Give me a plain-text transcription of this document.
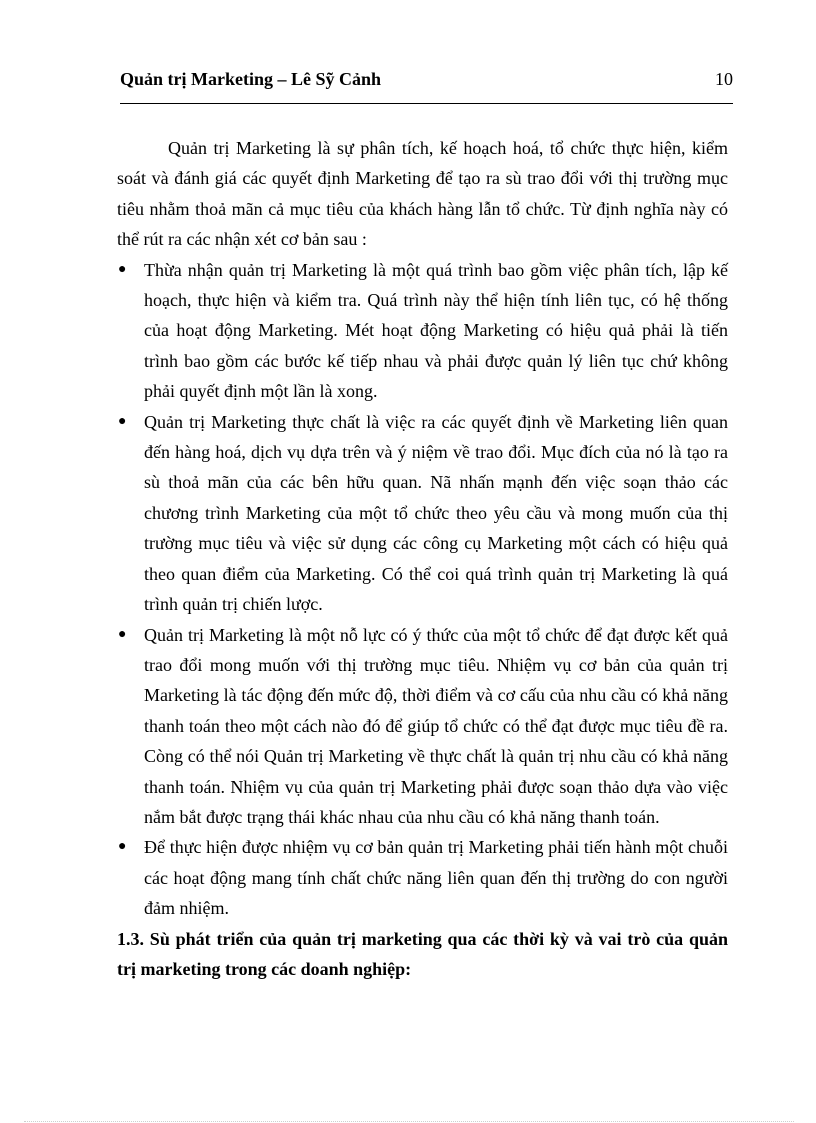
Quản trị Marketing – Lê Sỹ Cảnh	10

Quản trị Marketing là sự phân tích, kế hoạch hoá, tổ chức thực hiện, kiểm soát và đánh giá các quyết định Marketing để tạo ra sù trao đổi với thị trường mục tiêu nhằm thoả mãn cả mục tiêu của khách hàng lẫn tổ chức. Từ định nghĩa này có thể rút ra các nhận xét cơ bản sau :

● Thừa nhận quản trị Marketing là một quá trình bao gồm việc phân tích, lập kế hoạch, thực hiện và kiểm tra. Quá trình này thể hiện tính liên tục, có hệ thống của hoạt động Marketing. Mét hoạt động Marketing có hiệu quả phải là tiến trình bao gồm các bước kế tiếp nhau và phải được quản lý liên tục chứ không phải quyết định một lần là xong.
● Quản trị Marketing thực chất là việc ra các quyết định về Marketing liên quan đến hàng hoá, dịch vụ dựa trên và ý niệm về trao đổi. Mục đích của nó là tạo ra sù thoả mãn của các bên hữu quan. Nã nhấn mạnh đến việc soạn thảo các chương trình Marketing của một tổ chức theo yêu cầu và mong muốn của thị trường mục tiêu và việc sử dụng các công cụ Marketing một cách có hiệu quả theo quan điểm của Marketing. Có thể coi quá trình quản trị Marketing là quá trình quản trị chiến lược.
● Quản trị Marketing là một nỗ lực có ý thức của một tổ chức để đạt được kết quả trao đổi mong muốn với thị trường mục tiêu. Nhiệm vụ cơ bản của quản trị Marketing là tác động đến mức độ, thời điểm và cơ cấu của nhu cầu có khả năng thanh toán theo một cách nào đó để giúp tổ chức có thể đạt được mục tiêu đề ra. Còng có thể nói Quản trị Marketing về thực chất là quản trị nhu cầu có khả năng thanh toán. Nhiệm vụ của quản trị Marketing phải được soạn thảo dựa vào việc nắm bắt được trạng thái khác nhau của nhu cầu có khả năng thanh toán.
● Để thực hiện được nhiệm vụ cơ bản quản trị Marketing phải tiến hành một chuỗi các hoạt động mang tính chất chức năng liên quan đến thị trường do con người đảm nhiệm.

1.3. Sù phát triển của quản trị marketing qua các thời kỳ và vai trò của quản trị marketing trong các doanh nghiệp:
